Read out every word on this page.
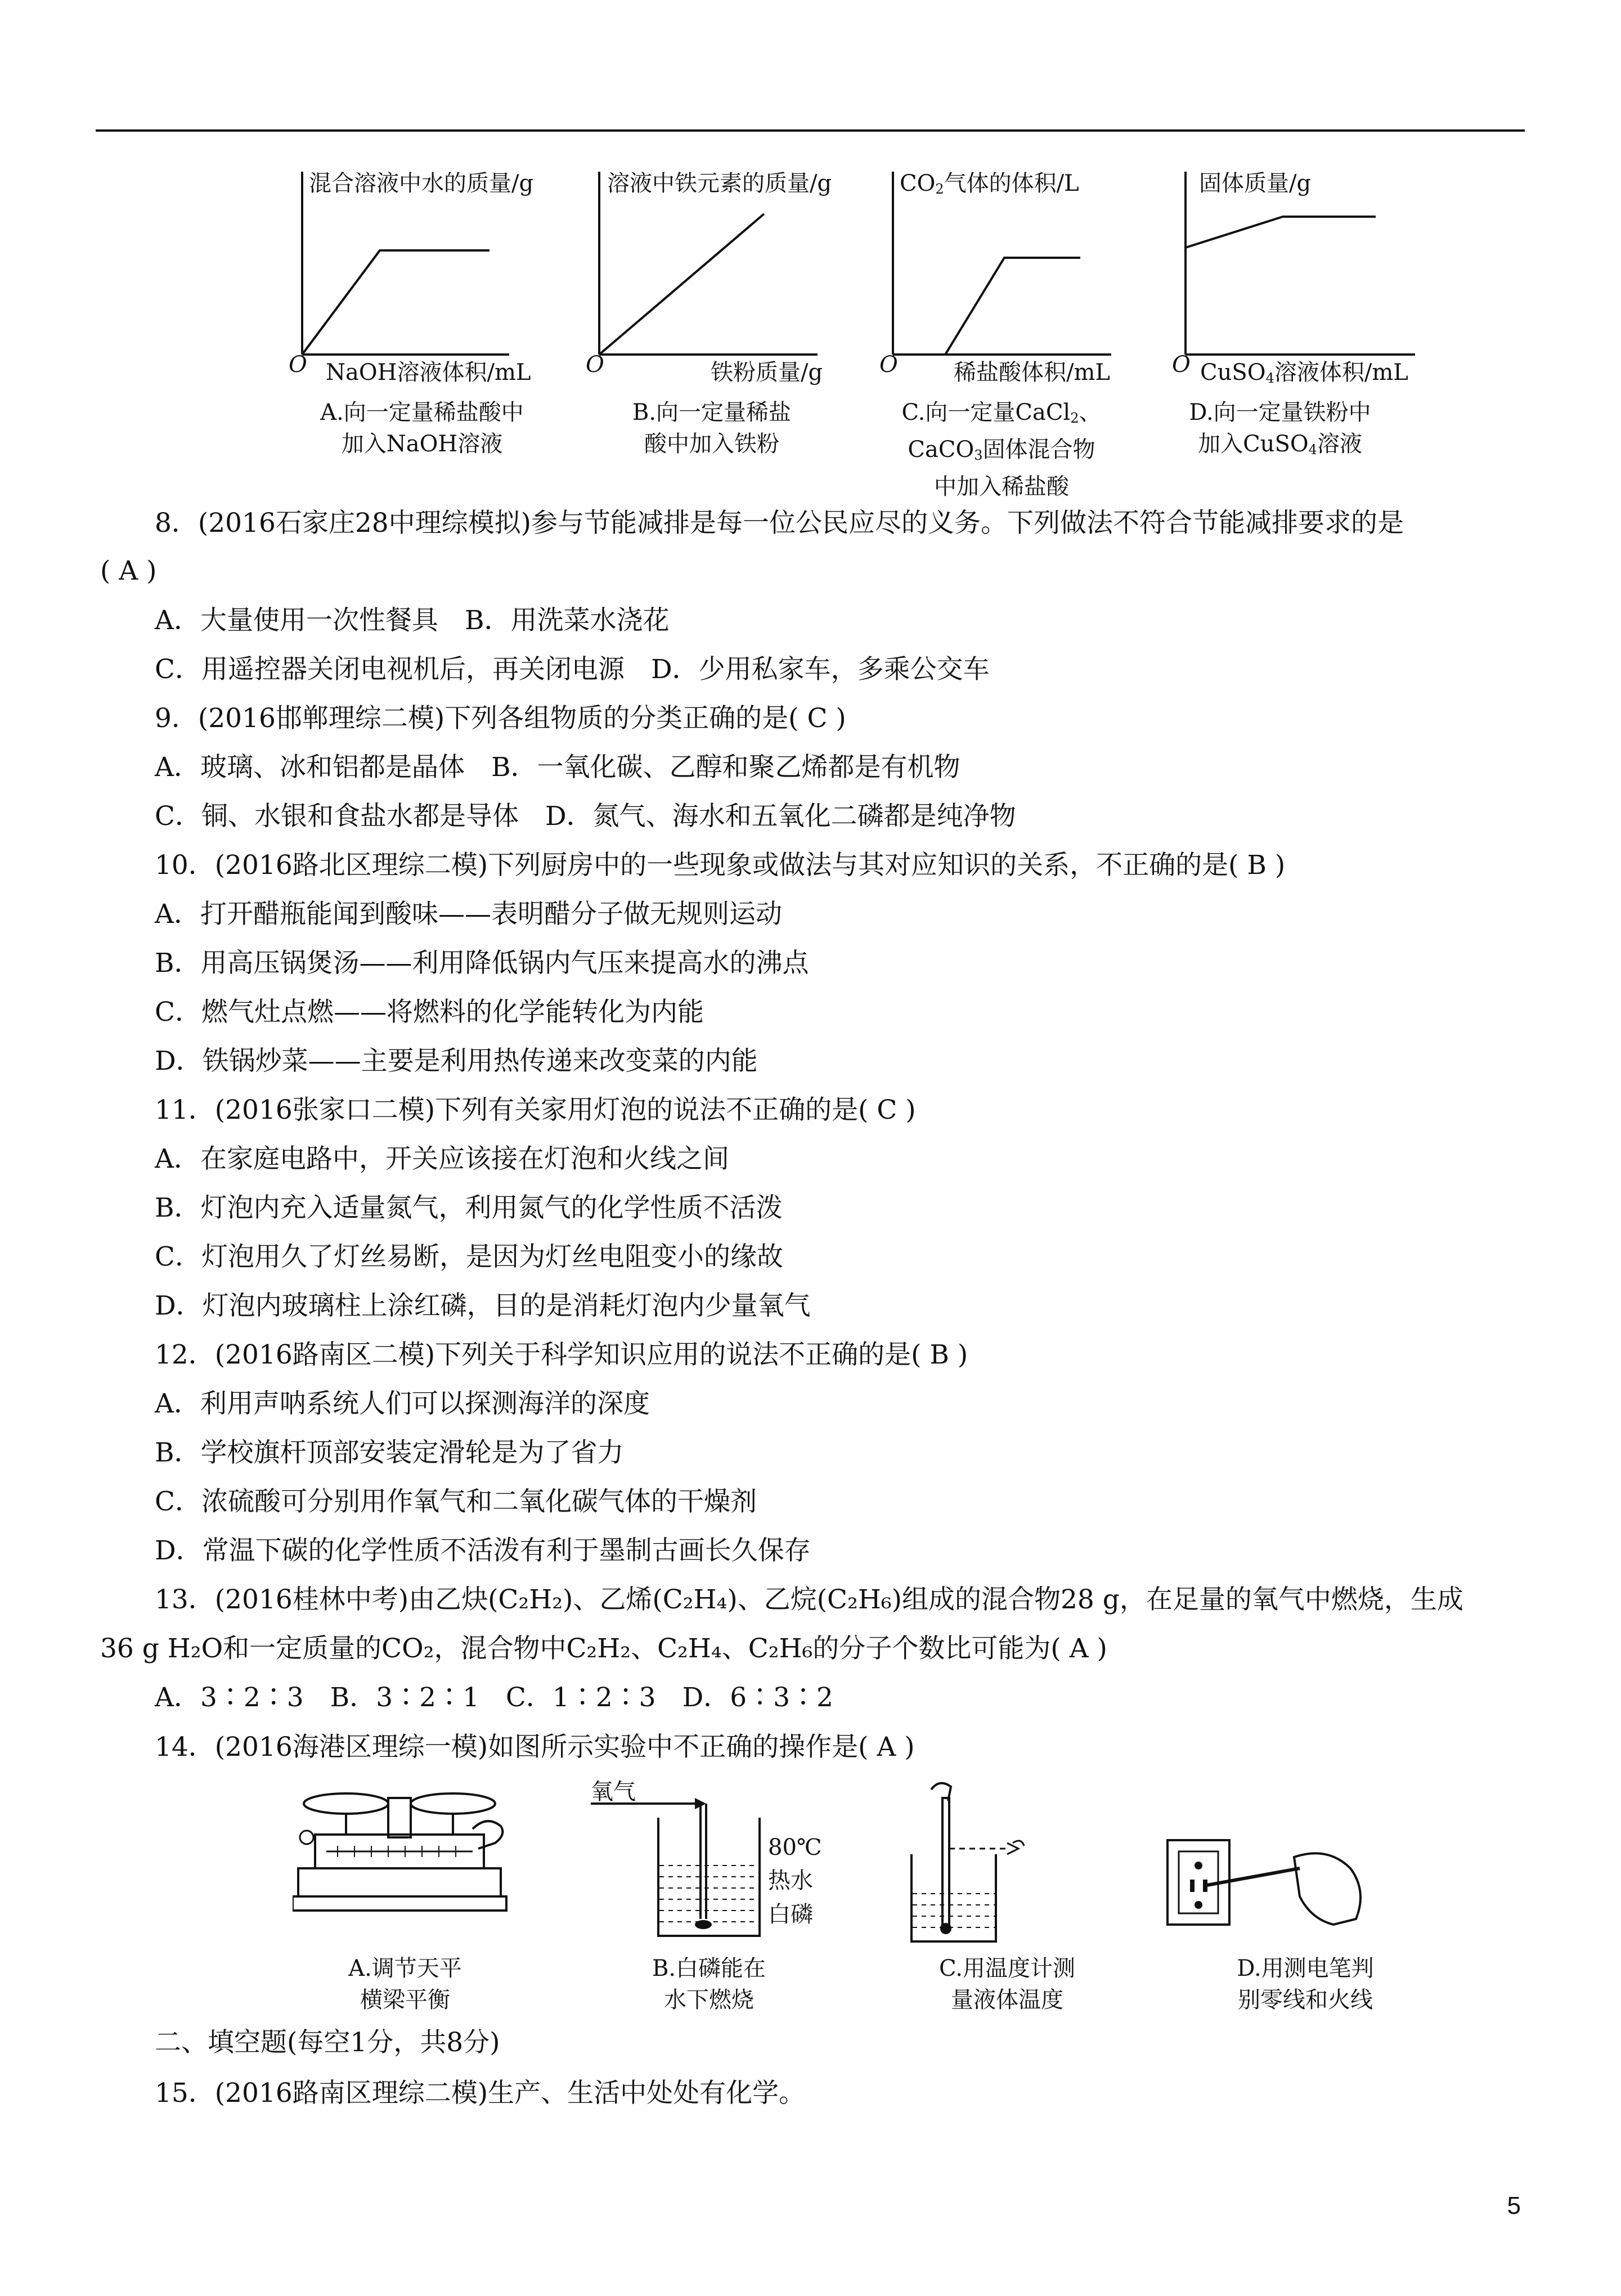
混合溶液中水的质量/g
O NaOH溶液体积/mL
A.向一定量稀盐酸中
加入NaOH溶液
溶液中铁元素的质量/g
O	铁粉质量/g
B.向一定量稀盐
酸中加入铁粉
$CO_2$气体的体积/L
O 稀盐酸体积/mL
C.向一定量CaCl$_2$、
CaCO$_3$固体混合物
中加入稀盐酸
固体质量/g
O CuSO$_4$溶液体积/mL
D.向一定量铁粉中
加入CuSO$_4$溶液
8．(2016石家庄28中理综模拟)参与节能减排是每一位公民应尽的义务。下列做法不符合节能减排要求的是
( A )
A．大量使用一次性餐具　B．用洗菜水浇花
C．用遥控器关闭电视机后，再关闭电源　D．少用私家车，多乘公交车
9．(2016邯郸理综二模)下列各组物质的分类正确的是( C )
A．玻璃、冰和铝都是晶体　B．一氧化碳、乙醇和聚乙烯都是有机物
C．铜、水银和食盐水都是导体　D．氮气、海水和五氧化二磷都是纯净物
10．(2016路北区理综二模)下列厨房中的一些现象或做法与其对应知识的关系，不正确的是( B )
A．打开醋瓶能闻到酸味——表明醋分子做无规则运动
B．用高压锅煲汤——利用降低锅内气压来提高水的沸点
C．燃气灶点燃——将燃料的化学能转化为内能
D．铁锅炒菜——主要是利用热传递来改变菜的内能
11．(2016张家口二模)下列有关家用灯泡的说法不正确的是( C )
A．在家庭电路中，开关应该接在灯泡和火线之间
B．灯泡内充入适量氮气，利用氮气的化学性质不活泼
C．灯泡用久了灯丝易断，是因为灯丝电阻变小的缘故
D．灯泡内玻璃柱上涂红磷，目的是消耗灯泡内少量氧气
12．(2016路南区二模)下列关于科学知识应用的说法不正确的是( B )
A．利用声呐系统人们可以探测海洋的深度
B．学校旗杆顶部安装定滑轮是为了省力
C．浓硫酸可分别用作氧气和二氧化碳气体的干燥剂
D．常温下碳的化学性质不活泼有利于墨制古画长久保存
13．(2016桂林中考)由乙炔(C₂H₂)、乙烯(C₂H₄)、乙烷(C₂H₆)组成的混合物28 g，在足量的氧气中燃烧，生成
36 g H₂O和一定质量的CO₂，混合物中C₂H₂、C₂H₄、C₂H₆的分子个数比可能为( A )
A．3∶2∶3　B．3∶2∶1　C．1∶2∶3　D．6∶3∶2
14．(2016海港区理综一模)如图所示实验中不正确的操作是( A )
A.调节天平
横梁平衡
氧气
80℃
热水
白磷
B.白磷能在
水下燃烧
C.用温度计测
量液体温度
D.用测电笔判
别零线和火线
二、填空题(每空1分，共8分)
15．(2016路南区理综二模)生产、生活中处处有化学。
5
